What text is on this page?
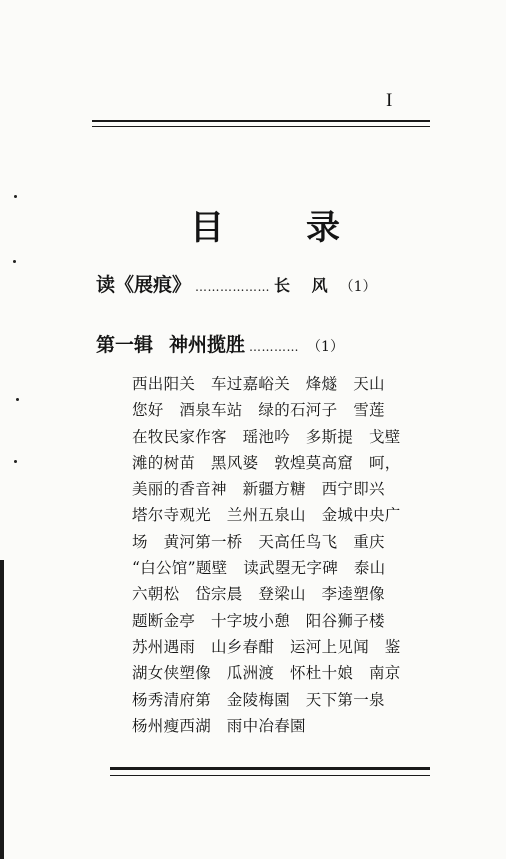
I
目 录
读《展痕》 ……………… 长 风 （1）
第一辑 神州揽胜 ………… （1）
西出阳关　车过嘉峪关　烽燧　天山
您好　酒泉车站　绿的石河子　雪莲
在牧民家作客　瑶池吟　多斯提　戈壁
滩的树苗　黑风婆　敦煌莫高窟　呵，
美丽的香音神　新疆方糖　西宁即兴
塔尔寺观光　兰州五泉山　金城中央广
场　黄河第一桥　天高任鸟飞　重庆
“白公馆”题壁　读武曌无字碑　泰山
六朝松　岱宗晨　登梁山　李逵塑像
题断金亭　十字坡小憩　阳谷狮子楼
苏州遇雨　山乡春酣　运河上见闻　鉴
湖女侠塑像　瓜洲渡　怀杜十娘　南京
杨秀清府第　金陵梅園　天下第一泉
杨州瘦西湖　雨中冶春園
